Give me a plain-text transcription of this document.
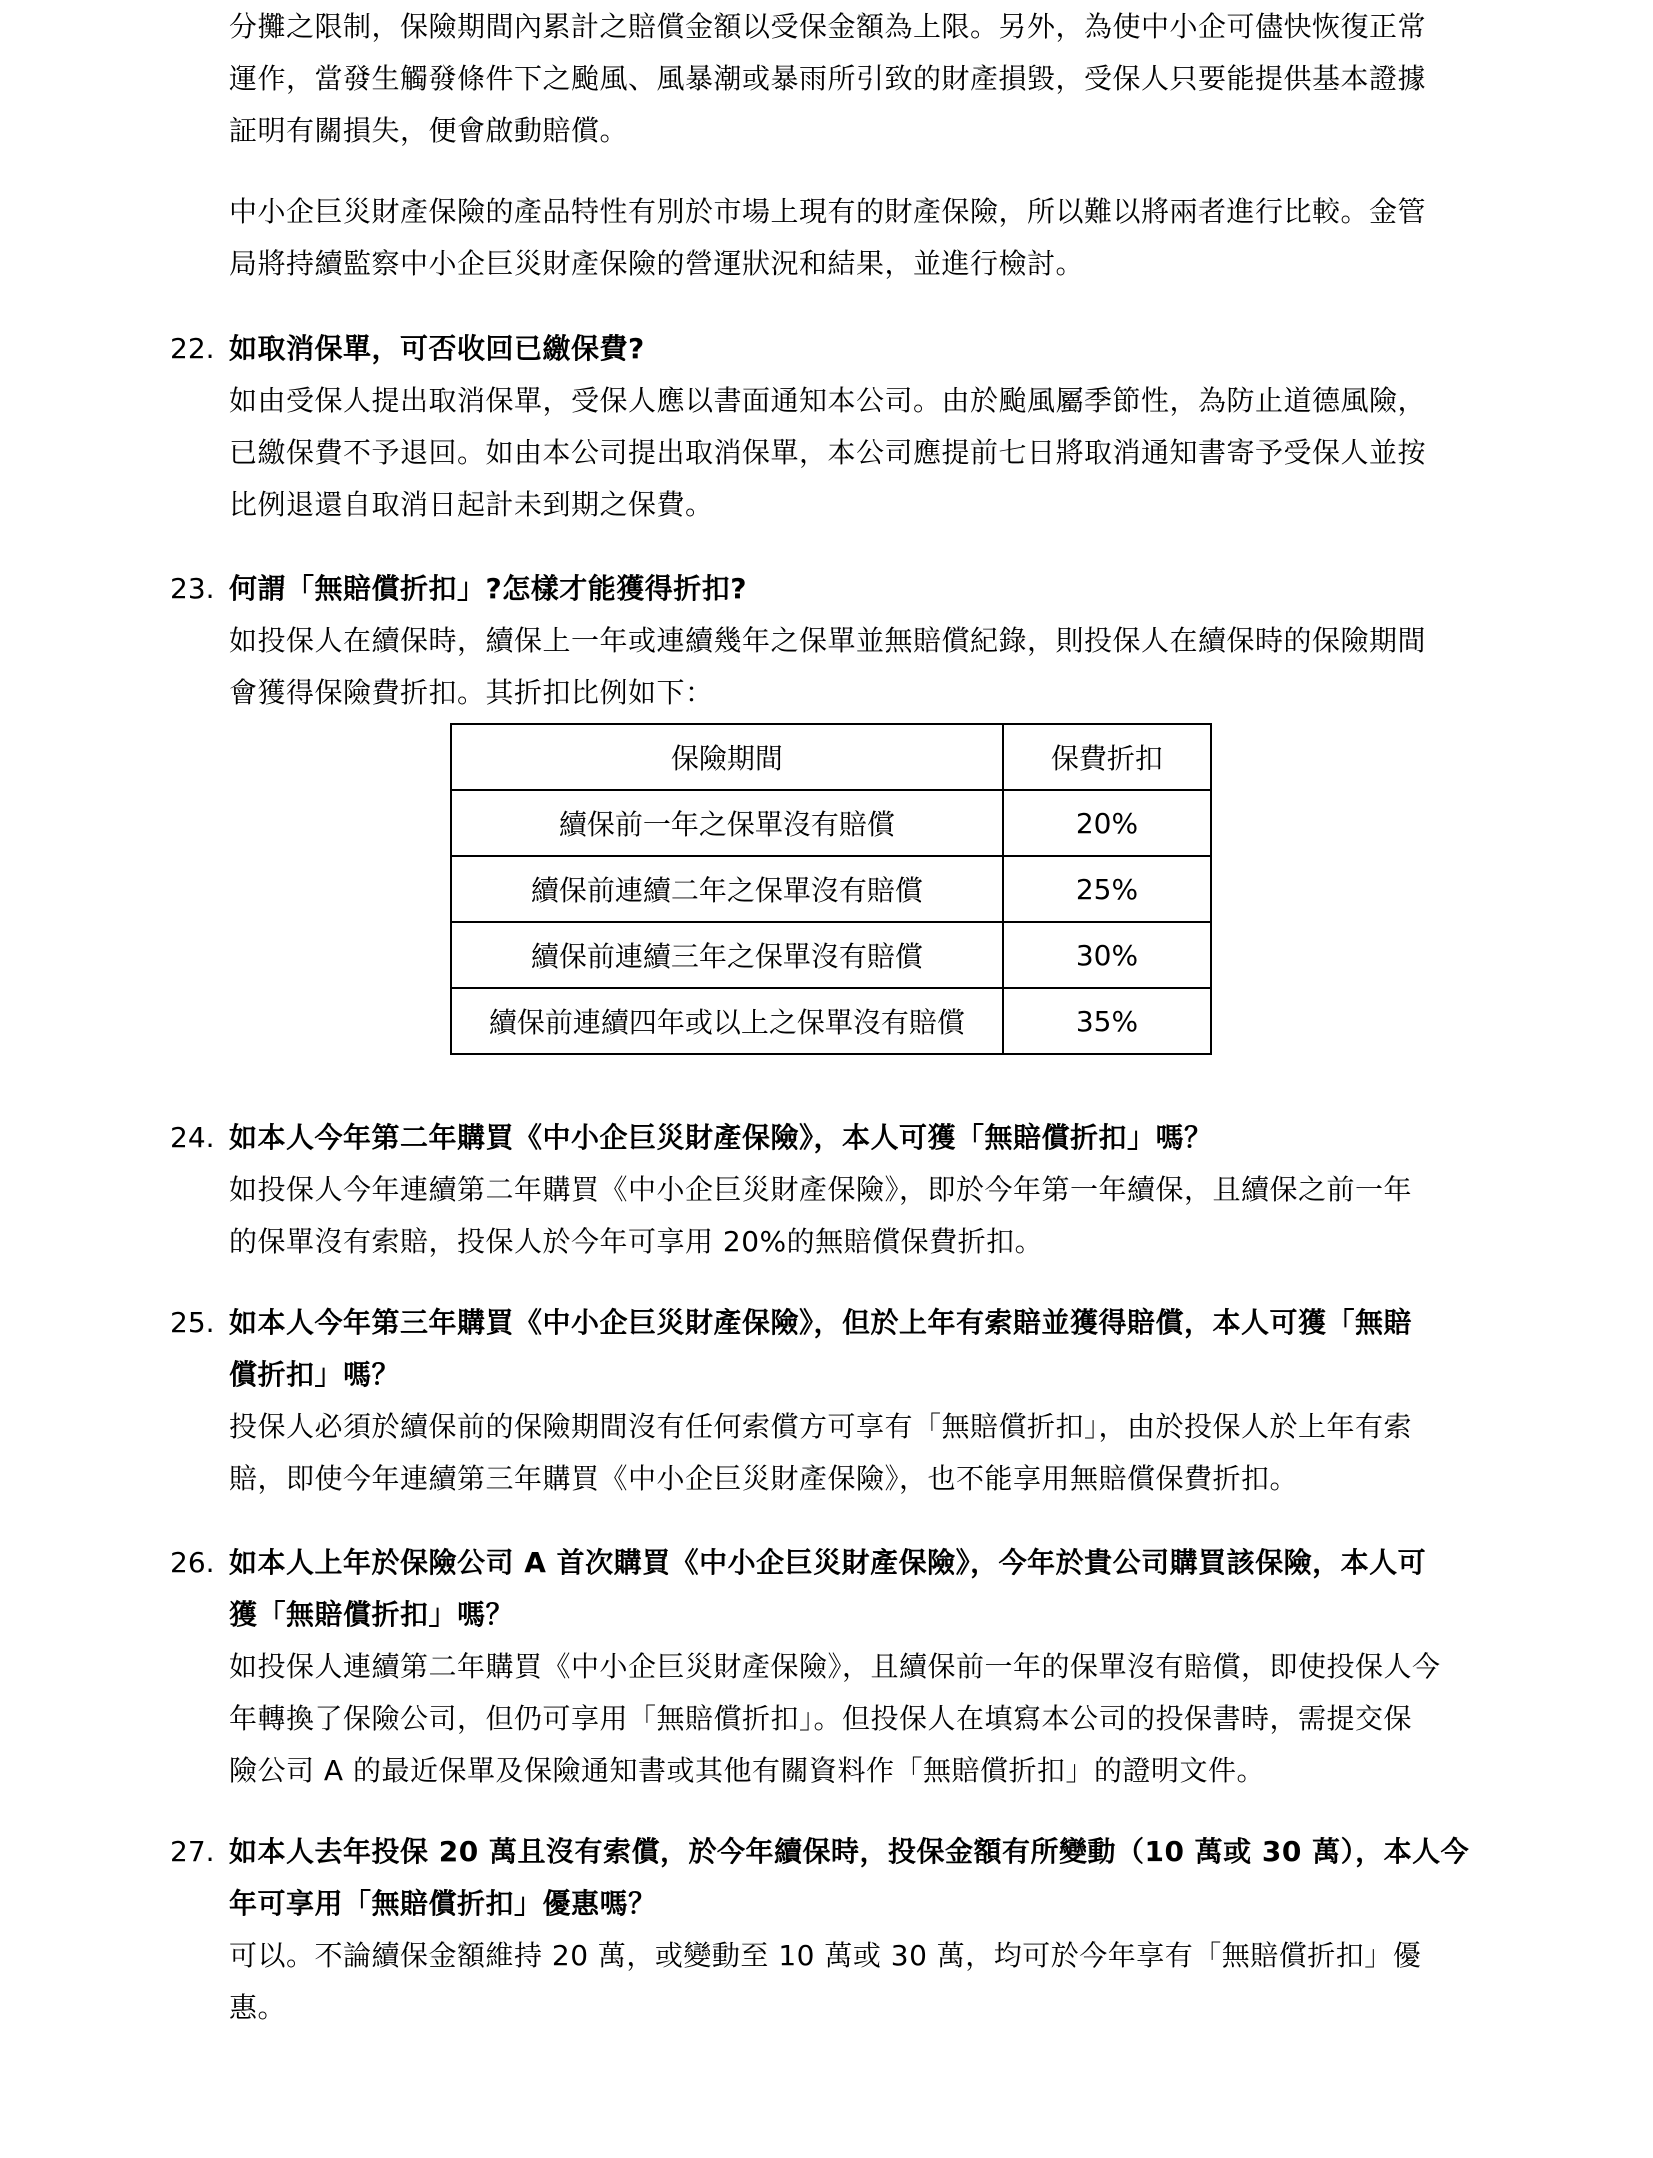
分攤之限制，保險期間內累計之賠償金額以受保金額為上限。另外，為使中小企可儘快恢復正常
運作，當發生觸發條件下之颱風、風暴潮或暴雨所引致的財產損毀，受保人只要能提供基本證據
証明有關損失，便會啟動賠償。

中小企巨災財產保險的產品特性有別於市場上現有的財產保險，所以難以將兩者進行比較。金管
局將持續監察中小企巨災財產保險的營運狀況和結果，並進行檢討。

22. 如取消保單，可否收回已繳保費?

如由受保人提出取消保單，受保人應以書面通知本公司。由於颱風屬季節性，為防止道德風險，
已繳保費不予退回。如由本公司提出取消保單，本公司應提前七日將取消通知書寄予受保人並按
比例退還自取消日起計未到期之保費。

23. 何謂「無賠償折扣」?怎樣才能獲得折扣?

如投保人在續保時，續保上一年或連續幾年之保單並無賠償紀錄，則投保人在續保時的保險期間
會獲得保險費折扣。其折扣比例如下：

保險期間	保費折扣
續保前一年之保單沒有賠償	20%
續保前連續二年之保單沒有賠償	25%
續保前連續三年之保單沒有賠償	30%
續保前連續四年或以上之保單沒有賠償	35%
24. 如本人今年第二年購買《中小企巨災財產保險》，本人可獲「無賠償折扣」嗎？

如投保人今年連續第二年購買《中小企巨災財產保險》，即於今年第一年續保，且續保之前一年
的保單沒有索賠，投保人於今年可享用 20%的無賠償保費折扣。

25. 如本人今年第三年購買《中小企巨災財產保險》，但於上年有索賠並獲得賠償，本人可獲「無賠
償折扣」嗎？

投保人必須於續保前的保險期間沒有任何索償方可享有「無賠償折扣」，由於投保人於上年有索
賠，即使今年連續第三年購買《中小企巨災財產保險》，也不能享用無賠償保費折扣。

26. 如本人上年於保險公司 A 首次購買《中小企巨災財產保險》，今年於貴公司購買該保險，本人可
獲「無賠償折扣」嗎？

如投保人連續第二年購買《中小企巨災財產保險》，且續保前一年的保單沒有賠償，即使投保人今
年轉換了保險公司，但仍可享用「無賠償折扣」。但投保人在填寫本公司的投保書時，需提交保
險公司 A 的最近保單及保險通知書或其他有關資料作「無賠償折扣」的證明文件。

27. 如本人去年投保 20 萬且沒有索償，於今年續保時，投保金額有所變動（10 萬或 30 萬），本人今
年可享用「無賠償折扣」優惠嗎？

可以。不論續保金額維持 20 萬，或變動至 10 萬或 30 萬，均可於今年享有「無賠償折扣」優
惠。
